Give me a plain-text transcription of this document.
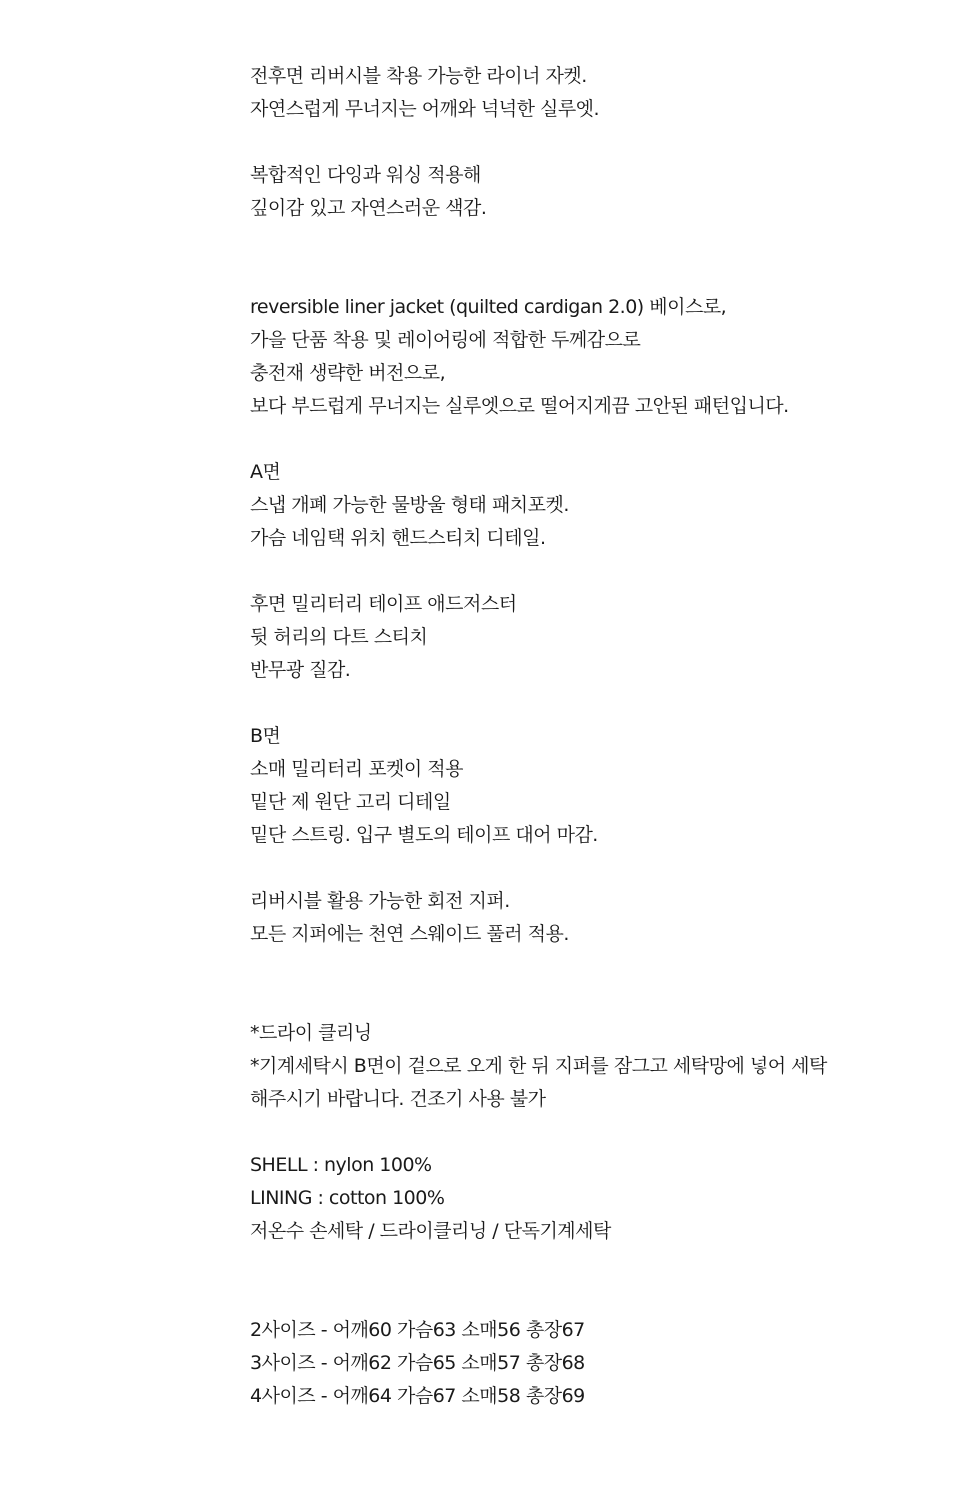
전후면 리버시블 착용 가능한 라이너 자켓.
자연스럽게 무너지는 어깨와 넉넉한 실루엣.
복합적인 다잉과 워싱 적용해
깊이감 있고 자연스러운 색감.
reversible liner jacket (quilted cardigan 2.0) 베이스로,
가을 단품 착용 및 레이어링에 적합한 두께감으로
충전재 생략한 버전으로,
보다 부드럽게 무너지는 실루엣으로 떨어지게끔 고안된 패턴입니다.
A면
스냅 개폐 가능한 물방울 형태 패치포켓.
가슴 네임택 위치 핸드스티치 디테일.
후면 밀리터리 테이프 애드저스터
뒷 허리의 다트 스티치
반무광 질감.
B면
소매 밀리터리 포켓이 적용
밑단 제 원단 고리 디테일
밑단 스트링. 입구 별도의 테이프 대어 마감.
리버시블 활용 가능한 회전 지퍼.
모든 지퍼에는 천연 스웨이드 풀러 적용.
*드라이 클리닝
*기계세탁시 B면이 겉으로 오게 한 뒤 지퍼를 잠그고 세탁망에 넣어 세탁
해주시기 바랍니다. 건조기 사용 불가
SHELL : nylon 100%
LINING : cotton 100%
저온수 손세탁 / 드라이클리닝 / 단독기계세탁
2사이즈 - 어깨60 가슴63 소매56 총장67
3사이즈 - 어깨62 가슴65 소매57 총장68
4사이즈 - 어깨64 가슴67 소매58 총장69
